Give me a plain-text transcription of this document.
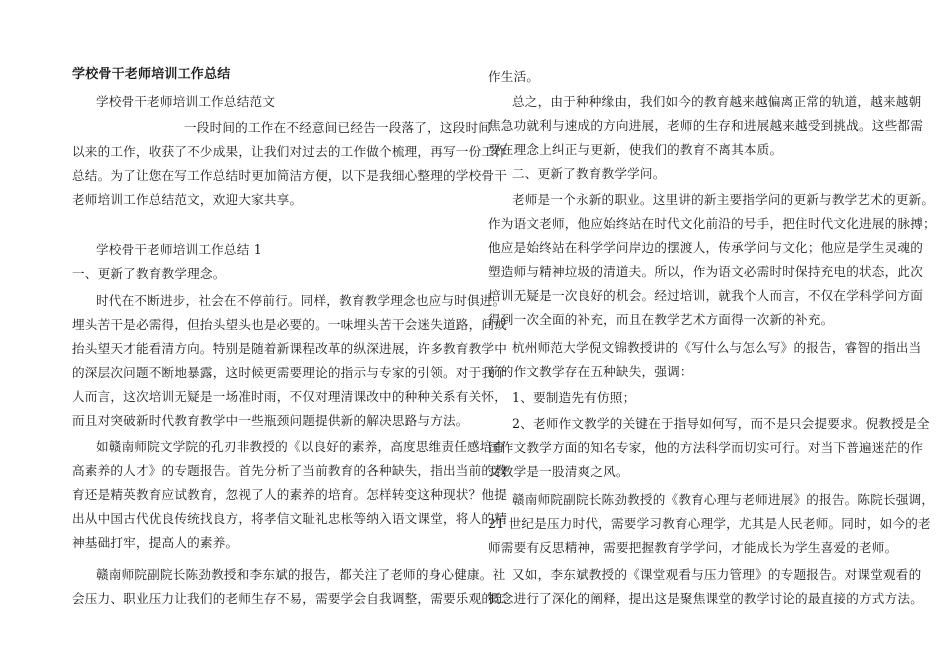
学校骨干老师培训工作总结
学校骨干老师培训工作总结范文
一段时间的工作在不经意间已经告一段落了，这段时间
以来的工作，收获了不少成果，让我们对过去的工作做个梳理，再写一份工作
总结。为了让您在写工作总结时更加简洁方便，以下是我细心整理的学校骨干
老师培训工作总结范文，欢迎大家共享。
学校骨干老师培训工作总结 1
一、更新了教育教学理念。
时代在不断进步，社会在不停前行。同样，教育教学理念也应与时俱进。
埋头苦干是必需得，但抬头望头也是必要的。一味埋头苦干会迷失道路，间或
抬头望天才能看清方向。特别是随着新课程改革的纵深进展，许多教育教学中
的深层次问题不断地暴露，这时候更需要理论的指示与专家的引领。对于我个
人而言，这次培训无疑是一场准时雨，不仅对理清课改中的种种关系有关怀，
而且对突破新时代教育教学中一些瓶颈问题提供新的解决思路与方法。
如赣南师院文学院的孔刃非教授的《以良好的素养，高度思维责任感培育
高素养的人才》的专题报告。首先分析了当前教育的各种缺失，指出当前的教
育还是精英教育应试教育，忽视了人的素养的培育。怎样转变这种现状？他提
出从中国古代优良传统找良方，将孝信文耻礼忠枨等纳入语文课堂，将人的精
神基础打牢，提高人的素养。
赣南师院副院长陈劲教授和李东斌的报告，都关注了老师的身心健康。社
会压力、职业压力让我们的老师生存不易，需要学会自我调整，需要乐观的工
作生活。
总之，由于种种缘由，我们如今的教育越来越偏离正常的轨道，越来越朝
焦急功就利与速成的方向进展，老师的生存和进展越来越受到挑战。这些都需
要在理念上纠正与更新，使我们的教育不离其本质。
二、更新了教育教学学问。
老师是一个永新的职业。这里讲的新主要指学问的更新与教学艺术的更新。
作为语文老师，他应始终站在时代文化前沿的号手，把住时代文化进展的脉搏；
他应是始终站在科学学问岸边的摆渡人，传承学问与文化；他应是学生灵魂的
塑造师与精神垃圾的清道夫。所以，作为语文必需时时保持充电的状态，此次
培训无疑是一次良好的机会。经过培训，就我个人而言，不仅在学科学问方面
得到一次全面的补充，而且在教学艺术方面得一次新的补充。
杭州师范大学倪文锦教授讲的《写什么与怎么写》的报告，睿智的指出当
前的作文教学存在五种缺失，强调：
1、要制造先有仿照；
2、老师作文教学的关键在于指导如何写，而不是只会提要求。倪教授是全
国作文教学方面的知名专家，他的方法科学而切实可行。对当下普遍迷茫的作
文教学是一股清爽之风。
赣南师院副院长陈劲教授的《教育心理与老师进展》的报告。陈院长强调，
21 世纪是压力时代，需要学习教育心理学，尤其是人民老师。同时，如今的老
师需要有反思精神，需要把握教育学学问，才能成长为学生喜爱的老师。
又如，李东斌教授的《课堂观看与压力管理》的专题报告。对课堂观看的
概念进行了深化的阐释，提出这是聚焦课堂的教学讨论的最直接的方式方法。
